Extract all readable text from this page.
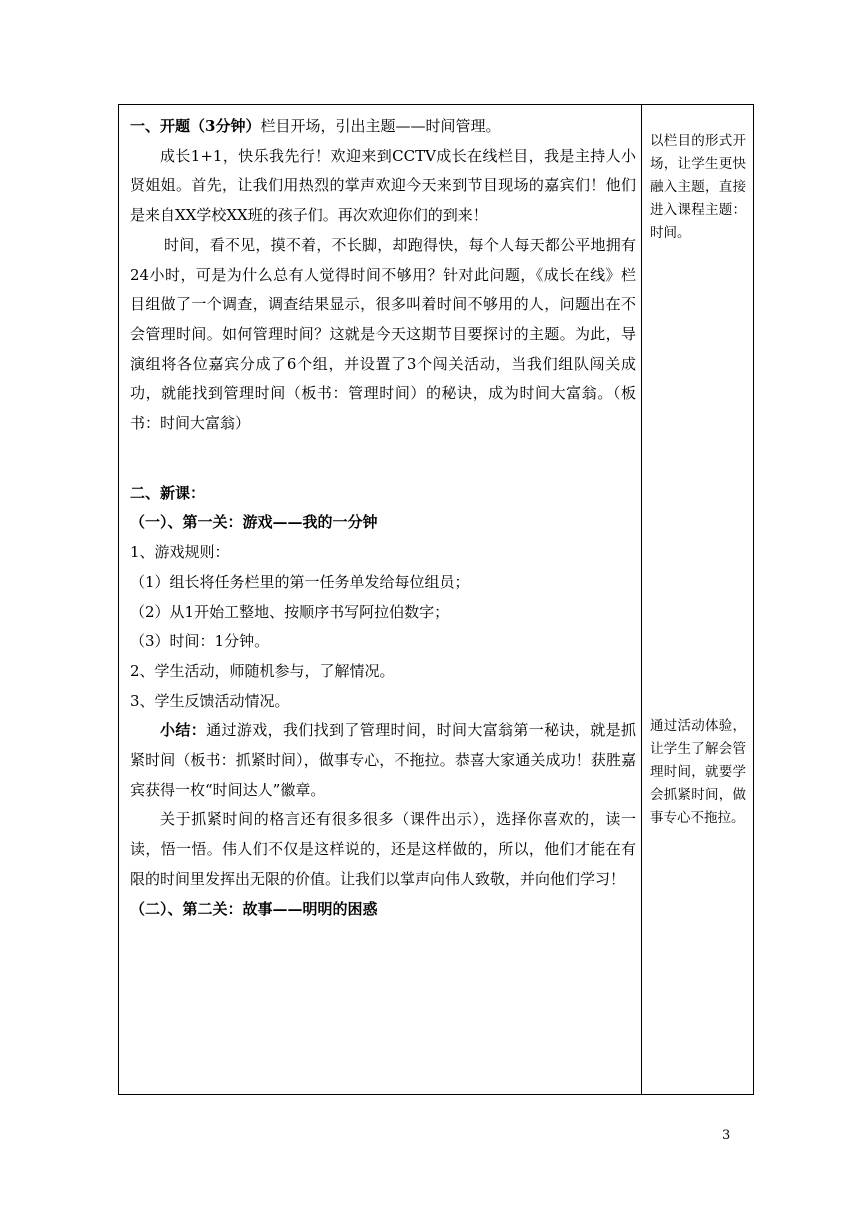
一、开题（3分钟）栏目开场，引出主题——时间管理。

成长1+1，快乐我先行！欢迎来到CCTV成长在线栏目，我是主持人小贤姐姐。首先，让我们用热烈的掌声欢迎今天来到节目现场的嘉宾们！他们是来自XX学校XX班的孩子们。再次欢迎你们的到来！

时间，看不见，摸不着，不长脚，却跑得快，每个人每天都公平地拥有24小时，可是为什么总有人觉得时间不够用？针对此问题，《成长在线》栏目组做了一个调查，调查结果显示，很多叫着时间不够用的人，问题出在不会管理时间。如何管理时间？这就是今天这期节目要探讨的主题。为此，导演组将各位嘉宾分成了6个组，并设置了3个闯关活动，当我们组队闯关成功，就能找到管理时间（板书：管理时间）的秘诀，成为时间大富翁。（板书：时间大富翁）

二、新课：

（一）、第一关：游戏——我的一分钟

1、游戏规则：

（1）组长将任务栏里的第一任务单发给每位组员；

（2）从1开始工整地、按顺序书写阿拉伯数字；

（3）时间：1分钟。

2、学生活动，师随机参与，了解情况。

3、学生反馈活动情况。

小结：通过游戏，我们找到了管理时间，时间大富翁第一秘诀，就是抓紧时间（板书：抓紧时间），做事专心，不拖拉。恭喜大家通关成功！获胜嘉宾获得一枚“时间达人”徽章。

关于抓紧时间的格言还有很多很多（课件出示），选择你喜欢的，读一读，悟一悟。伟人们不仅是这样说的，还是这样做的，所以，他们才能在有限的时间里发挥出无限的价值。让我们以掌声向伟人致敬，并向他们学习！

（二）、第二关：故事——明明的困惑

以栏目的形式开场，让学生更快融入主题，直接进入课程主题：时间。
通过活动体验，让学生了解会管理时间，就要学会抓紧时间，做事专心不拖拉。
3
